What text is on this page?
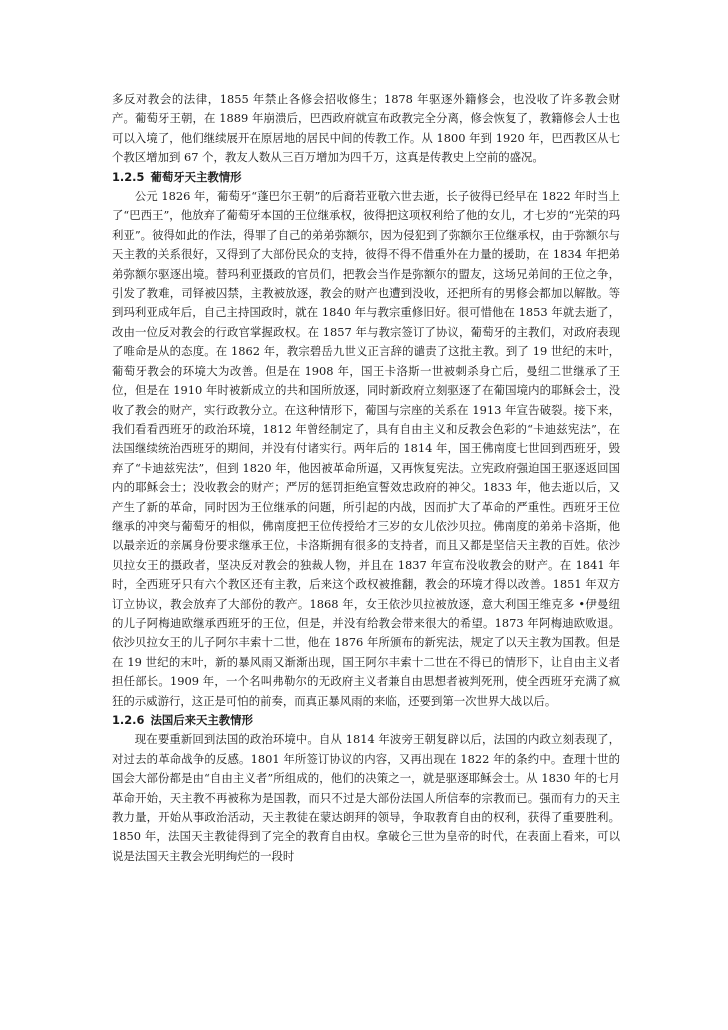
多反对教会的法律，1855 年禁止各修会招收修生；1878 年驱逐外籍修会，也没收了许多教会财产。葡萄牙王朝，在 1889 年崩溃后，巴西政府就宣布政教完全分离，修会恢复了，教籍修会人士也可以入境了，他们继续展开在原居地的居民中间的传教工作。从 1800 年到 1920 年，巴西教区从七个教区增加到 67 个，教友人数从三百万增加为四千万，这真是传教史上空前的盛况。

1.2.5 葡萄牙天主教情形

公元 1826 年，葡萄牙“蓬巴尔王朝”的后裔若亚敬六世去逝，长子彼得已经早在 1822 年时当上了“巴西王”，他放弃了葡萄牙本国的王位继承权，彼得把这项权利给了他的女儿，才七岁的“光荣的玛利亚”。彼得如此的作法，得罪了自己的弟弟弥额尔，因为侵犯到了弥额尔王位继承权，由于弥额尔与天主教的关系很好，又得到了大部份民众的支持，彼得不得不借重外在力量的援助，在 1834 年把弟弟弥额尔驱逐出境。替玛利亚摄政的官员们，把教会当作是弥额尔的盟友，这场兄弟间的王位之争，引发了教难，司铎被囚禁，主教被放逐，教会的财产也遭到没收，还把所有的男修会都加以解散。等到玛利亚成年后，自己主持国政时，就在 1840 年与教宗重修旧好。很可惜他在 1853 年就去逝了，改由一位反对教会的行政官掌握政权。在 1857 年与教宗签订了协议，葡萄牙的主教们，对政府表现了唯命是从的态度。在 1862 年，教宗碧岳九世义正言辞的谴责了这批主教。到了 19 世纪的末叶，葡萄牙教会的环境大为改善。但是在 1908 年，国王卡洛斯一世被刺杀身亡后，曼纽二世继承了王位，但是在 1910 年时被新成立的共和国所放逐，同时新政府立刻驱逐了在葡国境内的耶稣会士，没收了教会的财产，实行政教分立。在这种情形下，葡国与宗座的关系在 1913 年宣告破裂。接下来，我们看看西班牙的政治环境，1812 年曾经制定了，具有自由主义和反教会色彩的“卡迪兹宪法”，在法国继续统治西班牙的期间，并没有付诸实行。两年后的 1814 年，国王佛南度七世回到西班牙，毁弃了“卡迪兹宪法”，但到 1820 年，他因被革命所逼，又再恢复宪法。立宪政府强迫国王驱逐返回国内的耶稣会士；没收教会的财产；严厉的惩罚拒绝宣誓效忠政府的神父。1833 年，他去逝以后，又产生了新的革命，同时因为王位继承的问题，所引起的内战，因而扩大了革命的严重性。西班牙王位继承的冲突与葡萄牙的相似，佛南度把王位传授给才三岁的女儿依沙贝拉。佛南度的弟弟卡洛斯，他以最亲近的亲属身份要求继承王位，卡洛斯拥有很多的支持者，而且又都是坚信天主教的百姓。依沙贝拉女王的摄政者，坚决反对教会的独裁人物，并且在 1837 年宣布没收教会的财产。在 1841 年时，全西班牙只有六个教区还有主教，后来这个政权被推翻，教会的环境才得以改善。1851 年双方订立协议，教会放弃了大部份的教产。1868 年，女王依沙贝拉被放逐，意大利国王维克多 •伊曼纽的儿子阿梅迪欧继承西班牙的王位，但是，并没有给教会带来很大的希望。1873 年阿梅迪欧败退。依沙贝拉女王的儿子阿尔丰索十二世，他在 1876 年所颁布的新宪法，规定了以天主教为国教。但是在 19 世纪的末叶，新的暴风雨又渐渐出现，国王阿尔丰索十二世在不得已的情形下，让自由主义者担任部长。1909 年，一个名叫弗勒尔的无政府主义者兼自由思想者被判死刑，使全西班牙充满了疯狂的示威游行，这正是可怕的前奏，而真正暴风雨的来临，还要到第一次世界大战以后。

1.2.6 法国后来天主教情形

现在要重新回到法国的政治环境中。自从 1814 年波旁王朝复辟以后，法国的内政立刻表现了，对过去的革命战争的反感。1801 年所签订协议的内容，又再出现在 1822 年的条约中。查理十世的国会大部份都是由“自由主义者”所组成的，他们的决策之一，就是驱逐耶稣会士。从 1830 年的七月革命开始，天主教不再被称为是国教，而只不过是大部份法国人所信奉的宗教而已。强而有力的天主教力量，开始从事政治活动，天主教徒在蒙达朗拜的领导，争取教育自由的权利，获得了重要胜利。1850 年，法国天主教徒得到了完全的教育自由权。拿破仑三世为皇帝的时代，在表面上看来，可以说是法国天主教会光明绚烂的一段时
